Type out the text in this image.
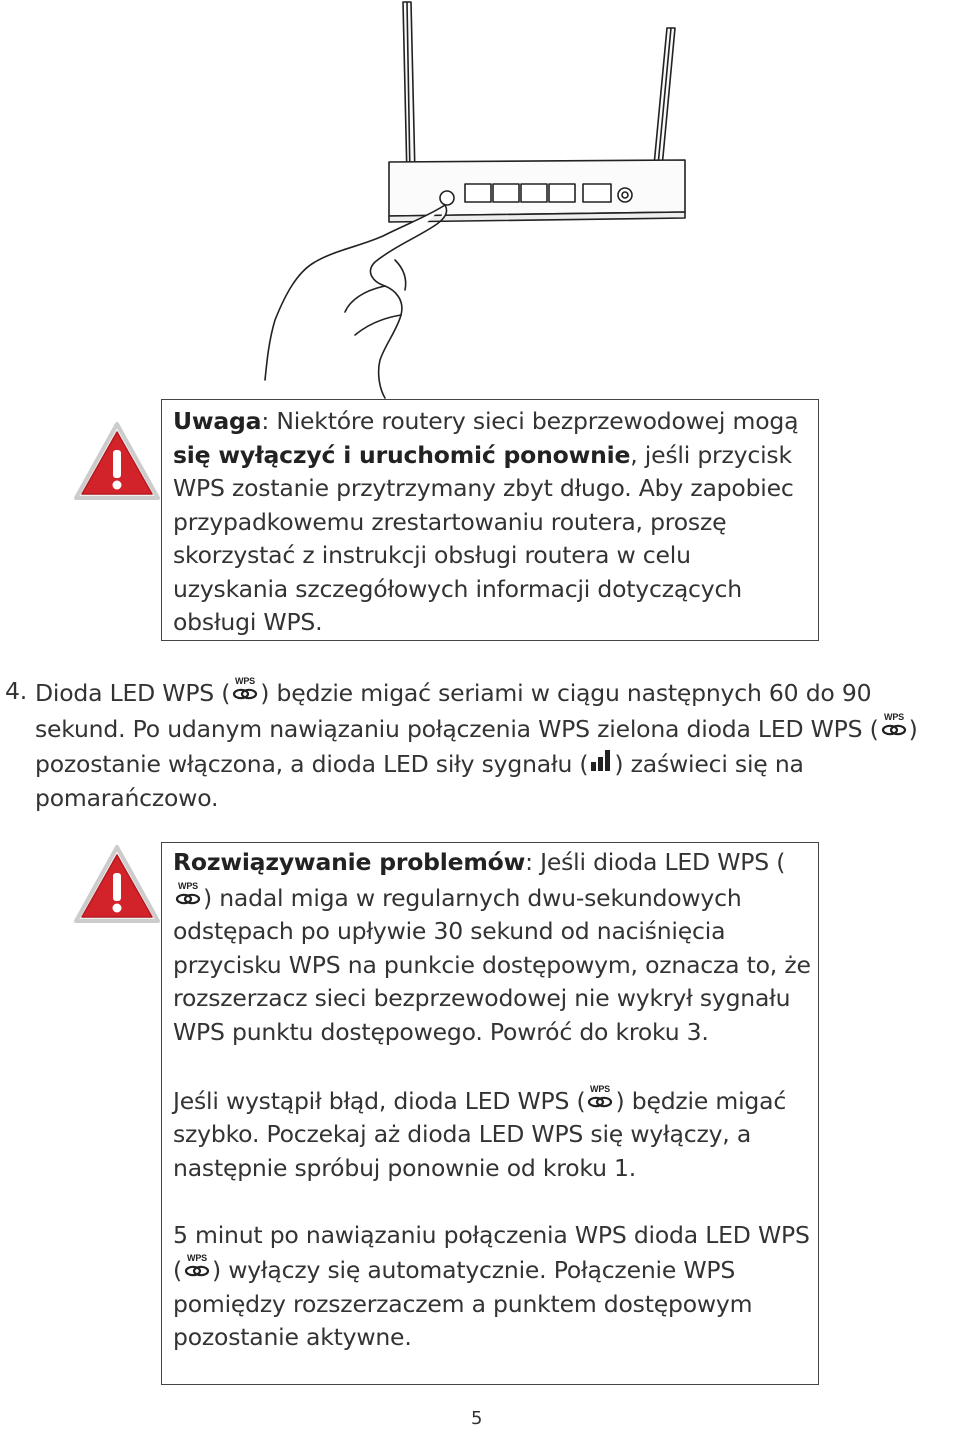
Uwaga: Niektóre routery sieci bezprzewodowej mogą się wyłączyć i uruchomić ponownie, jeśli przycisk WPS zostanie przytrzymany zbyt długo. Aby zapobiec przypadkowemu zrestartowaniu routera, proszę skorzystać z instrukcji obsługi routera w celu uzyskania szczegółowych informacji dotyczących obsługi WPS.
4. Dioda LED WPS ( WPS ) będzie migać seriami w ciągu następnych 60 do 90 sekund. Po udanym nawiązaniu połączenia WPS zielona dioda LED WPS ( WPS ) pozostanie włączona, a dioda LED siły sygnału ( ) zaświeci się na pomarańczowo.
Rozwiązywanie problemów: Jeśli dioda LED WPS (
WPS ) nadal miga w regularnych dwu-sekundowych odstępach po upływie 30 sekund od naciśnięcia przycisku WPS na punkcie dostępowym, oznacza to, że rozszerzacz sieci bezprzewodowej nie wykrył sygnału WPS punktu dostępowego. Powróć do kroku 3.
Jeśli wystąpił błąd, dioda LED WPS ( WPS ) będzie migać szybko. Poczekaj aż dioda LED WPS się wyłączy, a następnie spróbuj ponownie od kroku 1.
5 minut po nawiązaniu połączenia WPS dioda LED WPS ( WPS ) wyłączy się automatycznie. Połączenie WPS pomiędzy rozszerzaczem a punktem dostępowym pozostanie aktywne.
5
